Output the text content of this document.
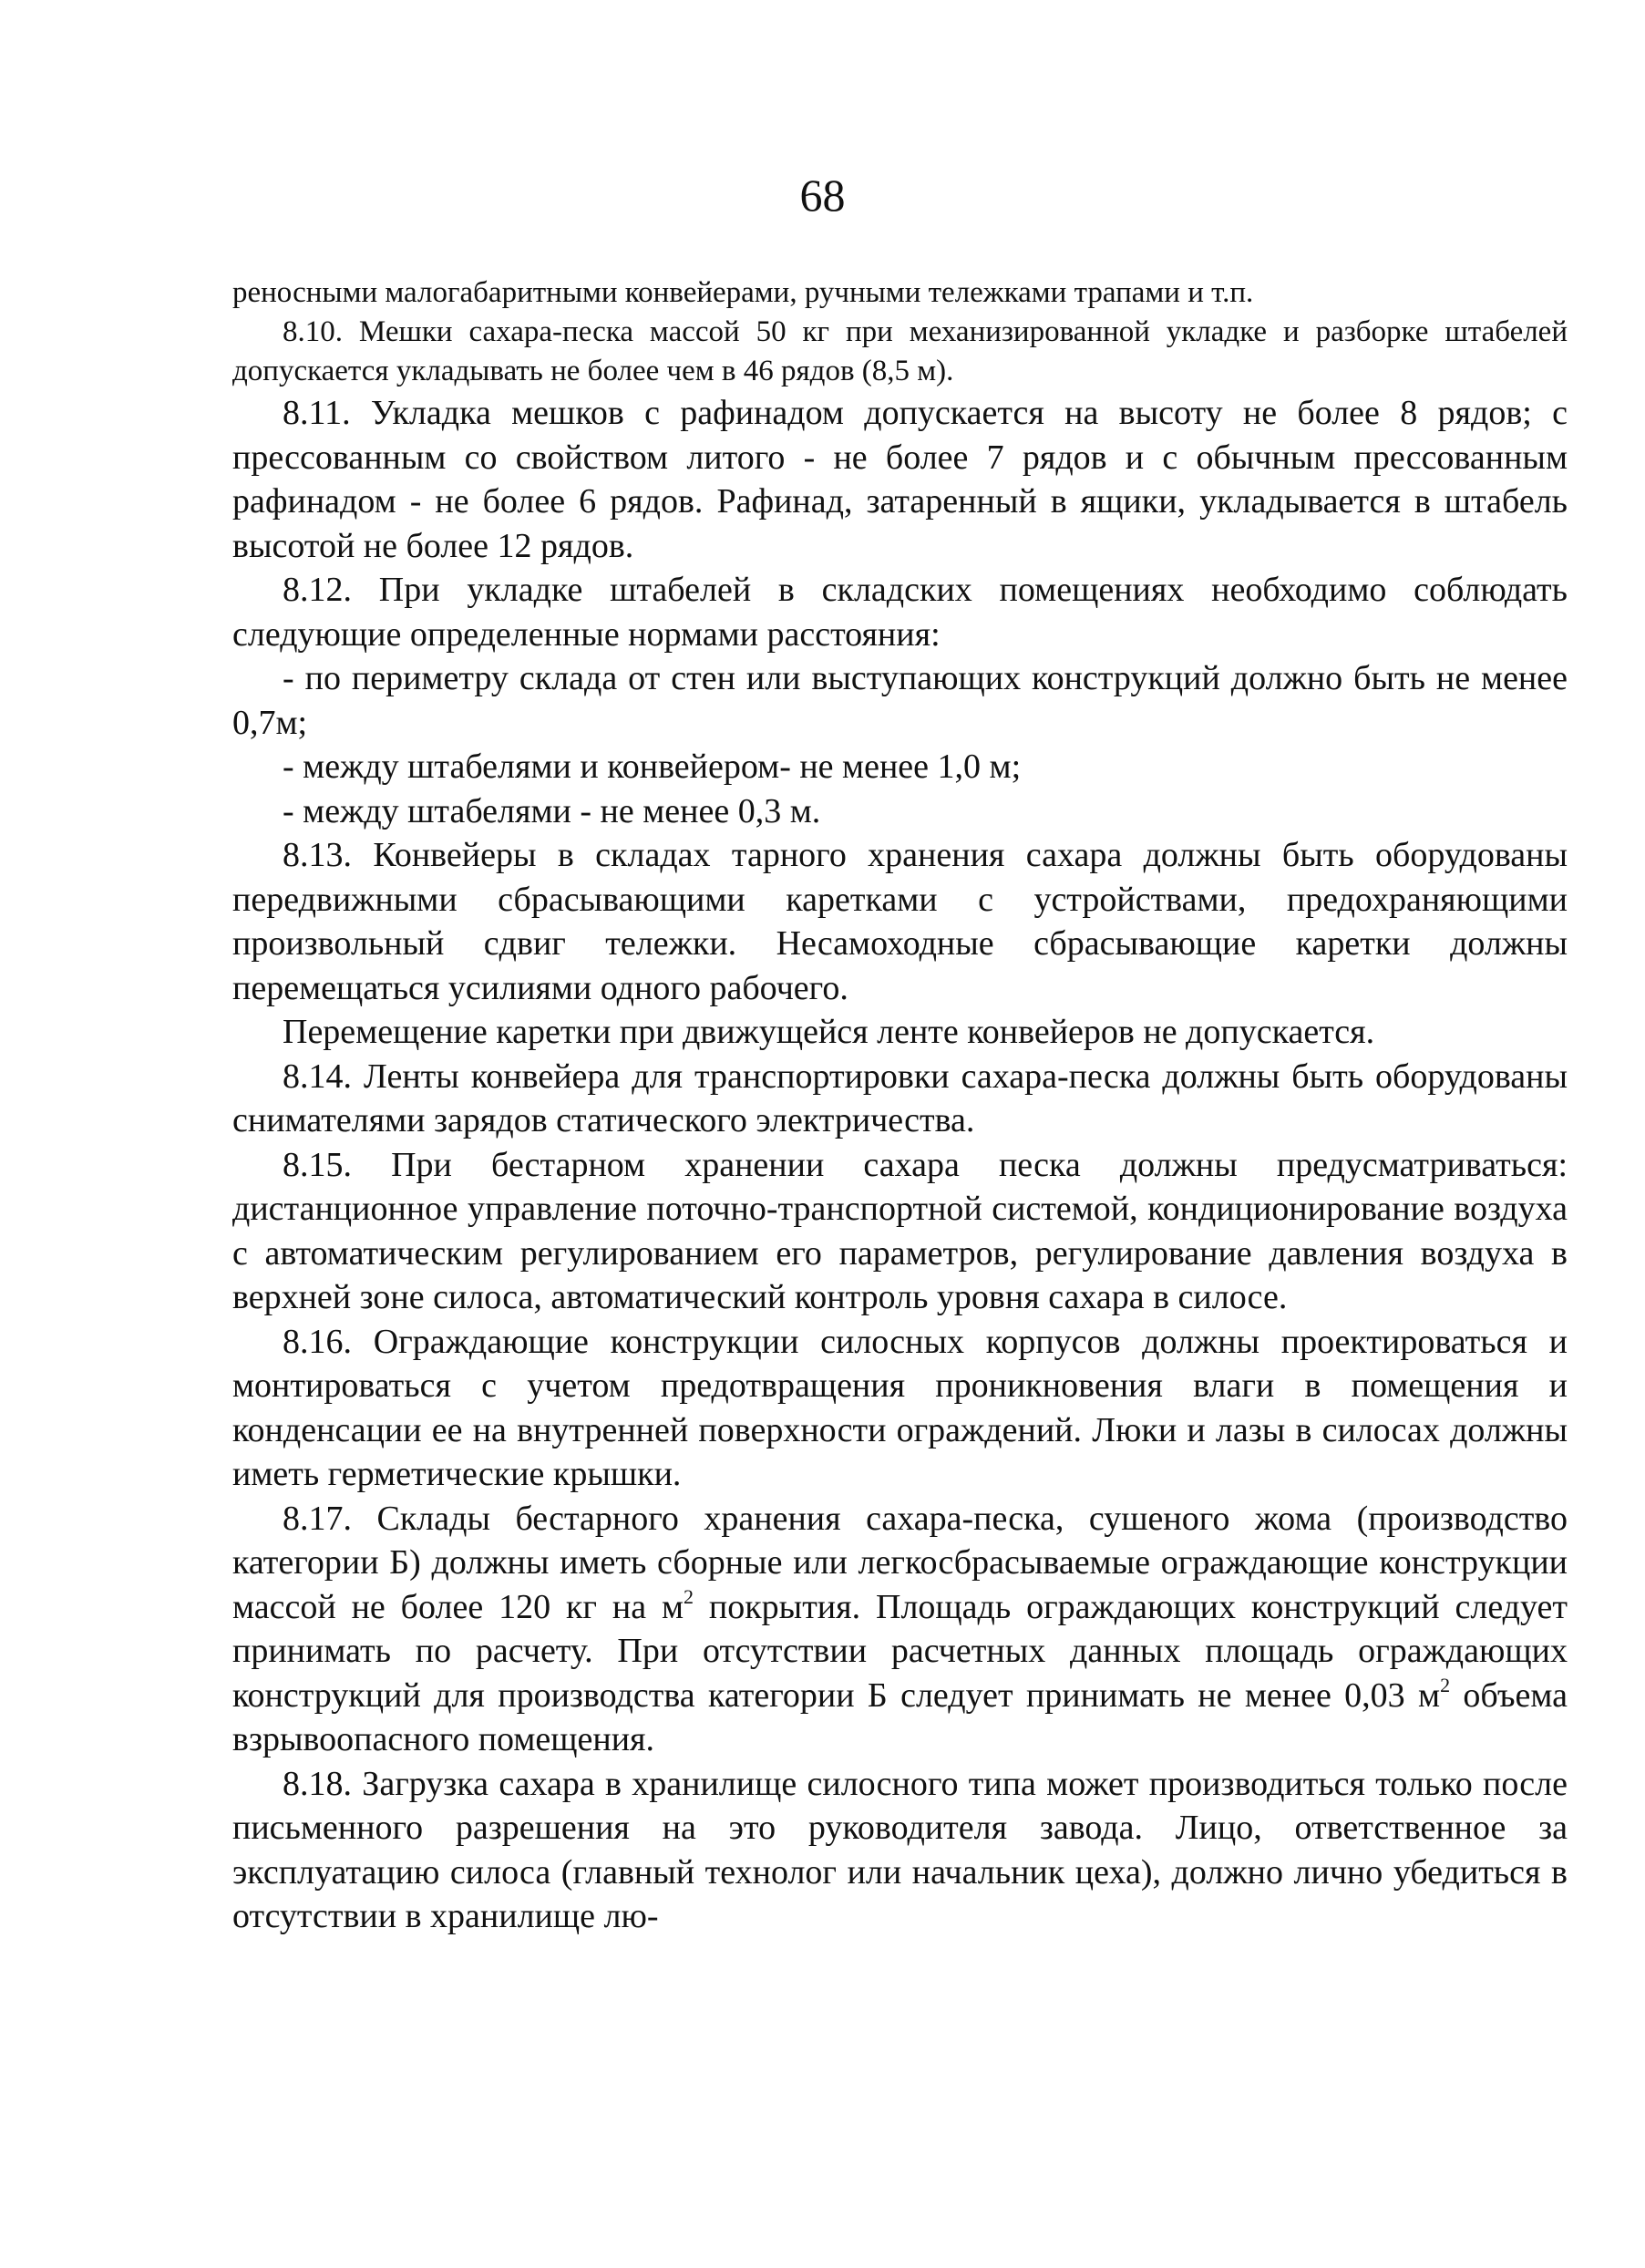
68

реносными малогабаритными конвейерами, ручными тележками трапами и т.п.

8.10. Мешки сахара-песка массой 50 кг при механизированной укладке и разборке штабелей допускается укладывать не более чем в 46 рядов (8,5 м).

8.11. Укладка мешков с рафинадом допускается на высоту не более 8 рядов; с прессованным со свойством литого - не более 7 рядов и с обычным прессованным рафинадом - не более 6 рядов. Рафинад, затаренный в ящики, укладывается в штабель высотой не более 12 рядов.

8.12. При укладке штабелей в складских помещениях необходимо соблюдать следующие определенные нормами расстояния:

- по периметру склада от стен или выступающих конструкций должно быть не менее 0,7м;

- между штабелями и конвейером- не менее 1,0 м;

- между штабелями - не менее 0,3 м.

8.13. Конвейеры в складах тарного хранения сахара должны быть оборудованы передвижными сбрасывающими каретками с устройствами, предохраняющими произвольный сдвиг тележки. Несамоходные сбрасывающие каретки должны перемещаться усилиями одного рабочего.

Перемещение каретки при движущейся ленте конвейеров не допускается.

8.14. Ленты конвейера для транспортировки сахара-песка должны быть оборудованы снимателями зарядов статического электричества.

8.15. При бестарном хранении сахара песка должны предусматриваться: дистанционное управление поточно-транспортной системой, кондиционирование воздуха с автоматическим регулированием его параметров, регулирование давления воздуха в верхней зоне силоса, автоматический контроль уровня сахара в силосе.

8.16. Ограждающие конструкции силосных корпусов должны проектироваться и монтироваться с учетом предотвращения проникновения влаги в помещения и конденсации ее на внутренней поверхности ограждений. Люки и лазы в силосах должны иметь герметические крышки.

8.17. Склады бестарного хранения сахара-песка, сушеного жома (производство категории Б) должны иметь сборные или легкосбрасываемые ограждающие конструкции массой не более 120 кг на $м^2$ покрытия. Площадь ограждающих конструкций следует принимать по расчету. При отсутствии расчетных данных площадь ограждающих конструкций для производства категории Б следует принимать не менее 0,03 $м^2$ объема взрывоопасного помещения.

8.18. Загрузка сахара в хранилище силосного типа может производиться только после письменного разрешения на это руководителя завода. Лицо, ответственное за эксплуатацию силоса (главный технолог или начальник цеха), должно лично убедиться в отсутствии в хранилище лю-
